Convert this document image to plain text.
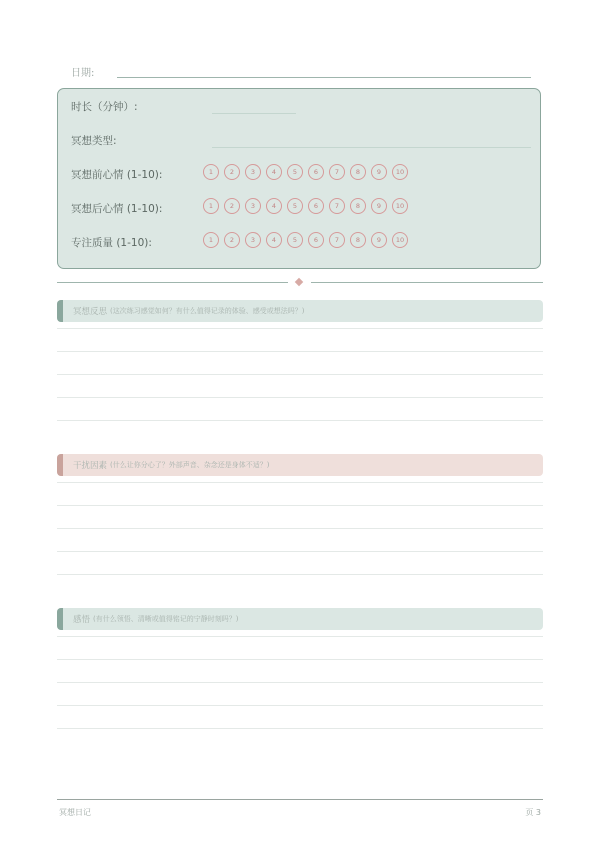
日期:
时长（分钟）:
冥想类型:
冥想前心情 (1-10):	1	2	3	4	5	6	7	8	9	10
冥想后心情 (1-10):	1	2	3	4	5	6	7	8	9	10
专注质量 (1-10):	1	2	3	4	5	6	7	8	9	10
冥想反思 (这次练习感觉如何？有什么值得记录的体验、感受或想法吗？)
干扰因素 (什么让你分心了？外部声音、杂念还是身体不适？)
感悟 (有什么领悟、清晰或值得铭记的宁静时刻吗？)
冥想日记	页 3
